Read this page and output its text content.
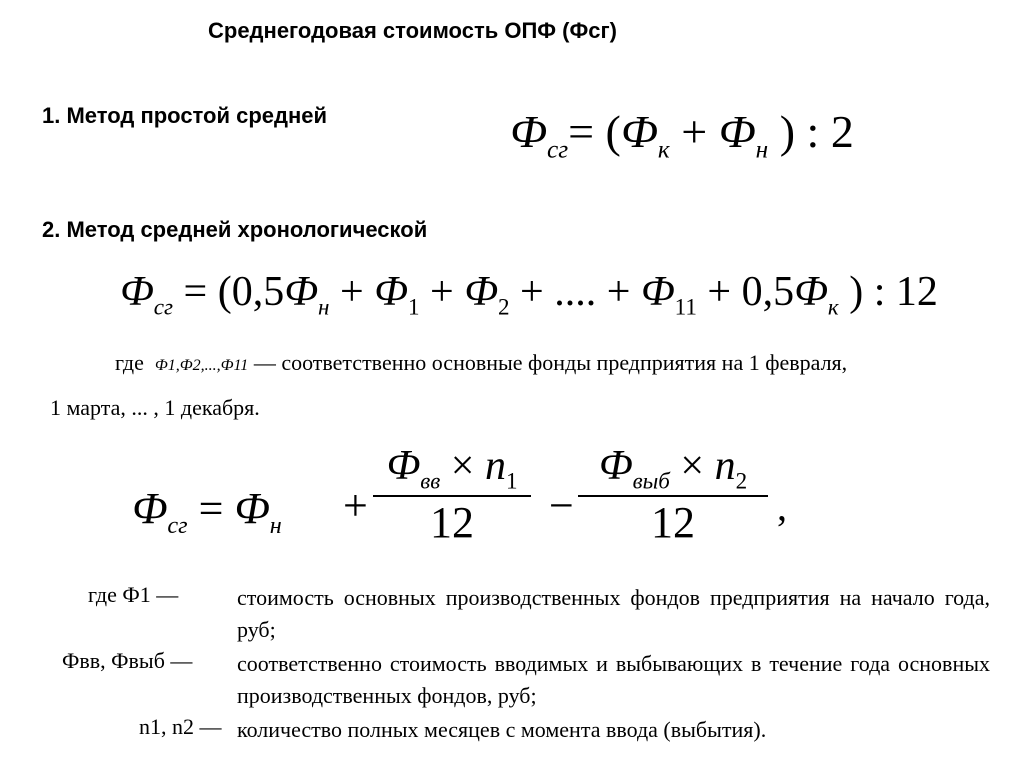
Среднегодовая стоимость ОПФ (Фсг)
1. Метод простой средней	$Ф_{сг}= (Ф_к + Ф_н$ ) : 2
2. Метод средней хронологической
$Ф_{сг} = (0,5Ф_н + Ф_1 + Ф_2$ + .... + $Ф_{11} + 0,5Ф_к$ ) : 12
где Ф1,Ф2,...,Ф11 — соответственно основные фонды предприятия на 1 февраля,
1 марта, ... , 1 декабря.
$Ф_{сг} = Ф_н$ +
$Ф_{вв} \times n_1$
12	−
$Ф_{выб} \times n_2$
12	,
где Ф1 —	стоимость основных производственных фондов предприятия на начало года, руб;
Фвв, Фвыб — соответственно стоимость вводимых и выбывающих в течение года основных производственных фондов, руб;
n1, n2 — количество полных месяцев с момента ввода (выбытия).
